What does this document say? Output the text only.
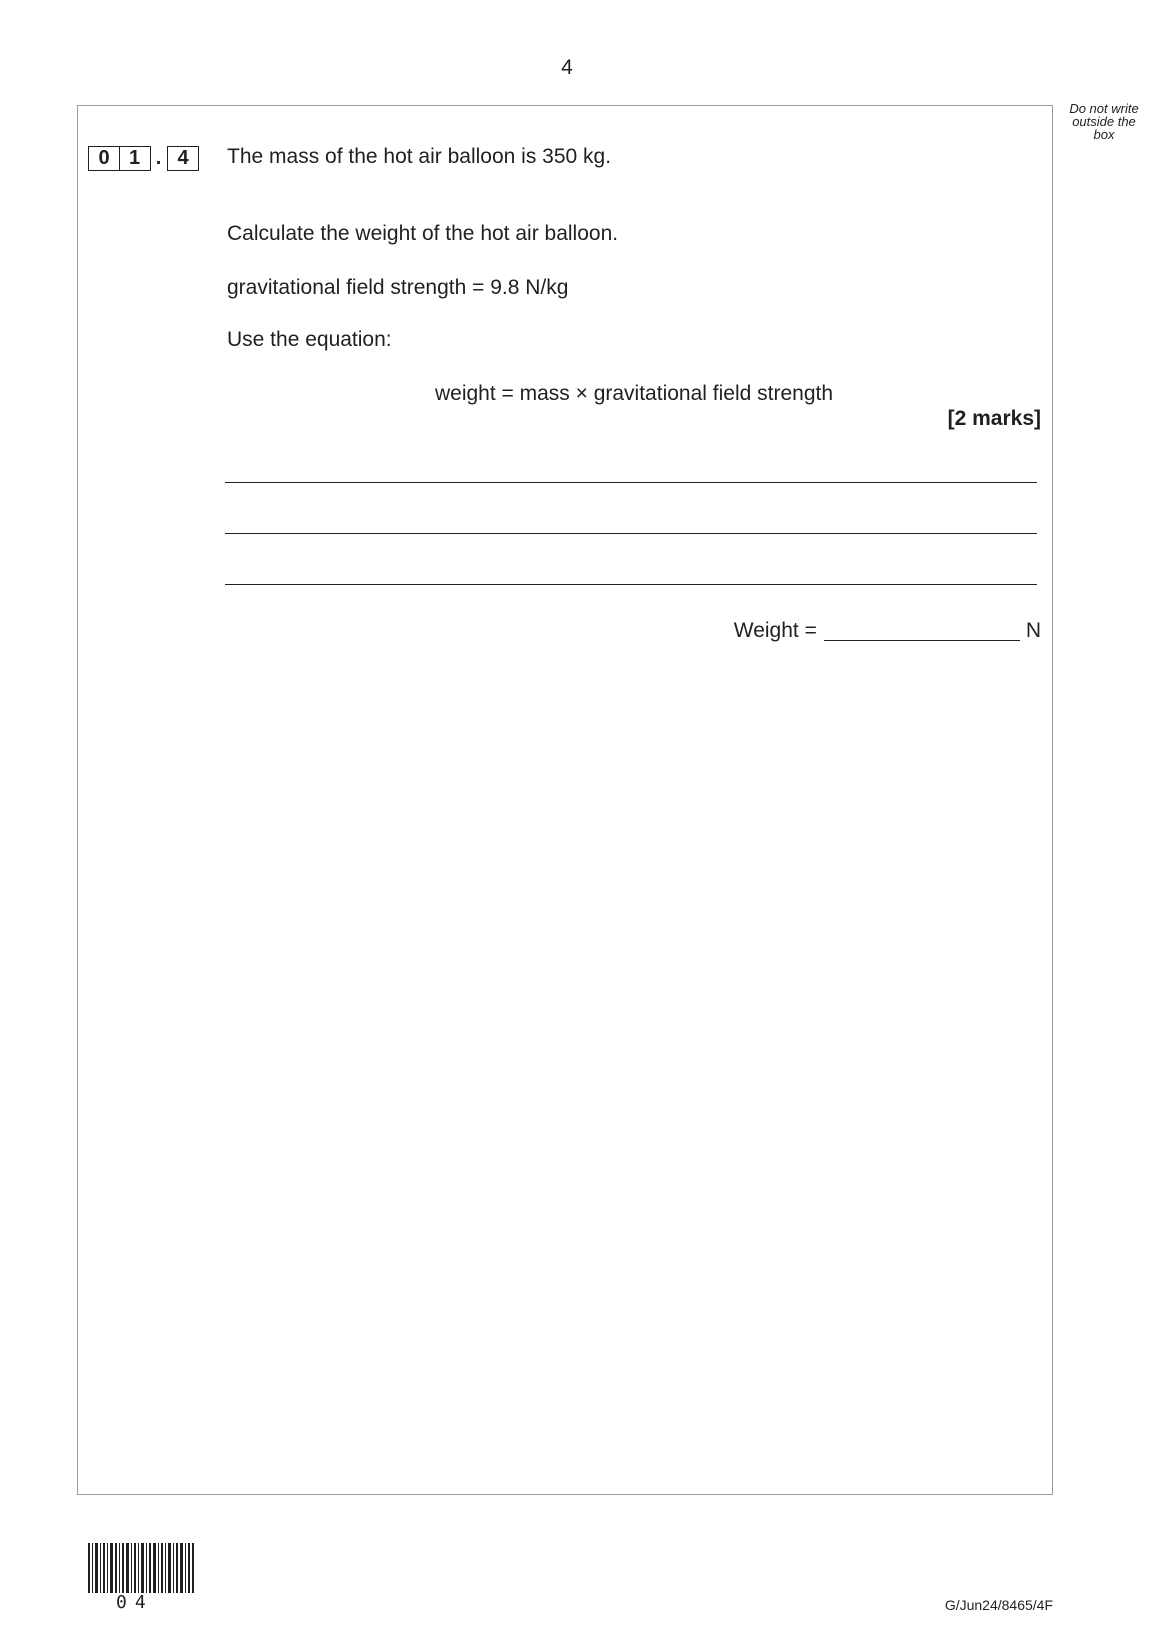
4
Do not write
outside the
box
0 1 . 4	The mass of the hot air balloon is 350 kg.
Calculate the weight of the hot air balloon.
gravitational field strength = 9.8 N/kg
Use the equation:
weight = mass × gravitational field strength
[2 marks]
Weight =	N
04	G/Jun24/8465/4F
